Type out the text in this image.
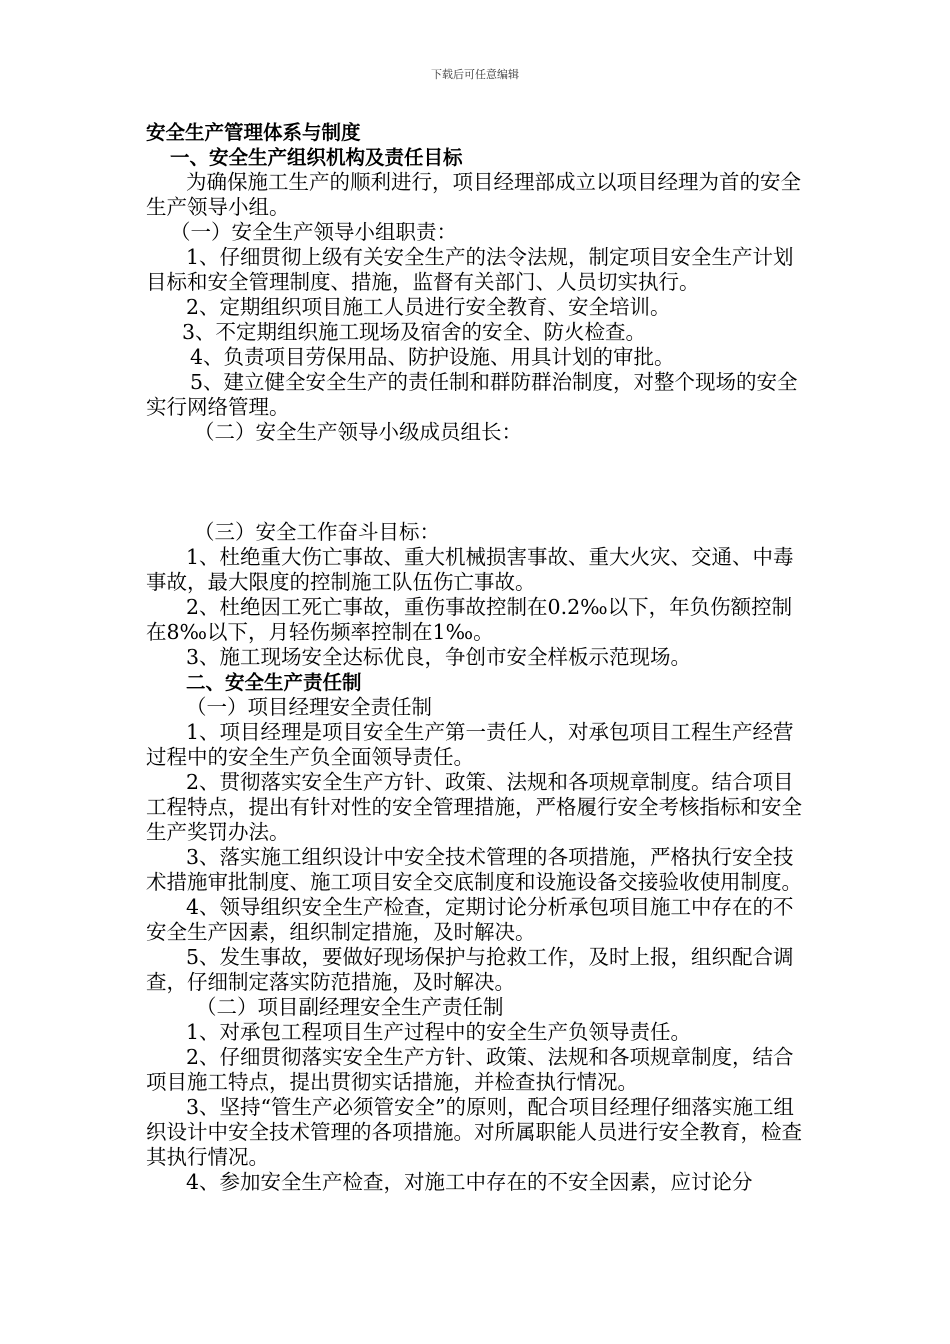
下载后可任意编辑

安全生产管理体系与制度

一、安全生产组织机构及责任目标

为确保施工生产的顺利进行，项目经理部成立以项目经理为首的安全生产领导小组。

（一）安全生产领导小组职责：

1、仔细贯彻上级有关安全生产的法令法规，制定项目安全生产计划目标和安全管理制度、措施，监督有关部门、人员切实执行。

2、定期组织项目施工人员进行安全教育、安全培训。

3、不定期组织施工现场及宿舍的安全、防火检查。

4、负责项目劳保用品、防护设施、用具计划的审批。

5、建立健全安全生产的责任制和群防群治制度，对整个现场的安全实行网络管理。

（二）安全生产领导小级成员组长：

（三）安全工作奋斗目标：

1、杜绝重大伤亡事故、重大机械损害事故、重大火灾、交通、中毒事故，最大限度的控制施工队伍伤亡事故。

2、杜绝因工死亡事故，重伤事故控制在0.2‰以下，年负伤额控制在8‰以下，月轻伤频率控制在1‰。

3、施工现场安全达标优良，争创市安全样板示范现场。

二、安全生产责任制

（一）项目经理安全责任制

1、项目经理是项目安全生产第一责任人，对承包项目工程生产经营过程中的安全生产负全面领导责任。

2、贯彻落实安全生产方针、政策、法规和各项规章制度。结合项目工程特点，提出有针对性的安全管理措施，严格履行安全考核指标和安全生产奖罚办法。

3、落实施工组织设计中安全技术管理的各项措施，严格执行安全技术措施审批制度、施工项目安全交底制度和设施设备交接验收使用制度。

4、领导组织安全生产检查，定期讨论分析承包项目施工中存在的不安全生产因素，组织制定措施，及时解决。

5、发生事故，要做好现场保护与抢救工作，及时上报，组织配合调查，仔细制定落实防范措施，及时解决。

（二）项目副经理安全生产责任制

1、对承包工程项目生产过程中的安全生产负领导责任。

2、仔细贯彻落实安全生产方针、政策、法规和各项规章制度，结合项目施工特点，提出贯彻实话措施，并检查执行情况。

3、坚持“管生产必须管安全”的原则，配合项目经理仔细落实施工组织设计中安全技术管理的各项措施。对所属职能人员进行安全教育，检查其执行情况。

4、参加安全生产检查，对施工中存在的不安全因素，应讨论分
